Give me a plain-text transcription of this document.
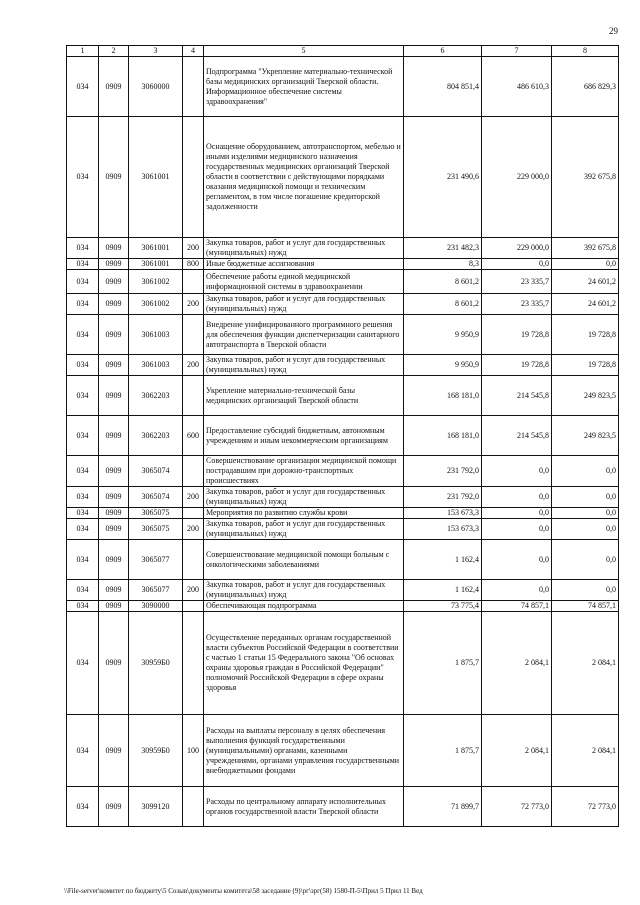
29
1	2	3	4	5	6	7	8
034	0909	3060000		Подпрограмма "Укрепление материально-технической базы медицинских организаций Тверской области. Информационное обеспечение системы здравоохранения"	804 851,4	486 610,3	686 829,3
034	0909	3061001		Оснащение оборудованием, автотранспортом, мебелью и иными изделиями медицинского назначения государственных медицинских организаций Тверской области в соответствии с действующими порядками оказания медицинской помощи и техническим регламентом, в том числе погашение кредиторской задолженности	231 490,6	229 000,0	392 675,8
034	0909	3061001	200	Закупка товаров, работ и услуг для государственных (муниципальных) нужд	231 482,3	229 000,0	392 675,8
034	0909	3061001	800	Иные бюджетные ассигнования	8,3	0,0	0,0
034	0909	3061002		Обеспечение работы единой медицинской информационной системы в здравоохранении	8 601,2	23 335,7	24 601,2
034	0909	3061002	200	Закупка товаров, работ и услуг для государственных (муниципальных) нужд	8 601,2	23 335,7	24 601,2
034	0909	3061003		Внедрение унифицированного программного решения для обеспечения функции диспетчеризации санитарного автотранспорта в Тверской области	9 950,9	19 728,8	19 728,8
034	0909	3061003	200	Закупка товаров, работ и услуг для государственных (муниципальных) нужд	9 950,9	19 728,8	19 728,8
034	0909	3062203		Укрепление материально-технической базы медицинских организаций Тверской области	168 181,0	214 545,8	249 823,5
034	0909	3062203	600	Предоставление субсидий бюджетным, автономным учреждениям и иным некоммерческим организациям	168 181,0	214 545,8	249 823,5
034	0909	3065074		Совершенствование организации медицинской помощи пострадавшим при дорожно-транспортных происшествиях	231 792,0	0,0	0,0
034	0909	3065074	200	Закупка товаров, работ и услуг для государственных (муниципальных) нужд	231 792,0	0,0	0,0
034	0909	3065075		Мероприятия по развитию службы крови	153 673,3	0,0	0,0
034	0909	3065075	200	Закупка товаров, работ и услуг для государственных (муниципальных) нужд	153 673,3	0,0	0,0
034	0909	3065077		Совершенствование медицинской помощи больным с онкологическими заболеваниями	1 162,4	0,0	0,0
034	0909	3065077	200	Закупка товаров, работ и услуг для государственных (муниципальных) нужд	1 162,4	0,0	0,0
034	0909	3090000		Обеспечивающая подпрограмма	73 775,4	74 857,1	74 857,1
034	0909	30959Б0		Осуществление переданных органам государственной власти субъектов Российской Федерации в соответствии с частью 1 статьи 15 Федерального закона "Об основах охраны здоровья граждан в Российской Федерации" полномочий Российской Федерации в сфере охраны здоровья	1 875,7	2 084,1	2 084,1
034	0909	30959Б0	100	Расходы на выплаты персоналу в целях обеспечения выполнения функций государственными (муниципальными) органами, казенными учреждениями, органами управления государственными внебюджетными фондами	1 875,7	2 084,1	2 084,1
034	0909	3099120		Расходы по центральному аппарату исполнительных органов государственной власти Тверской области	71 899,7	72 773,0	72 773,0
\\File-server\комитет по бюджету\5 Созыв\документы комитета\58 заседание (9)\рг\зрг(58) 1580-П-5\Прил 5 Прил 11 Вед
